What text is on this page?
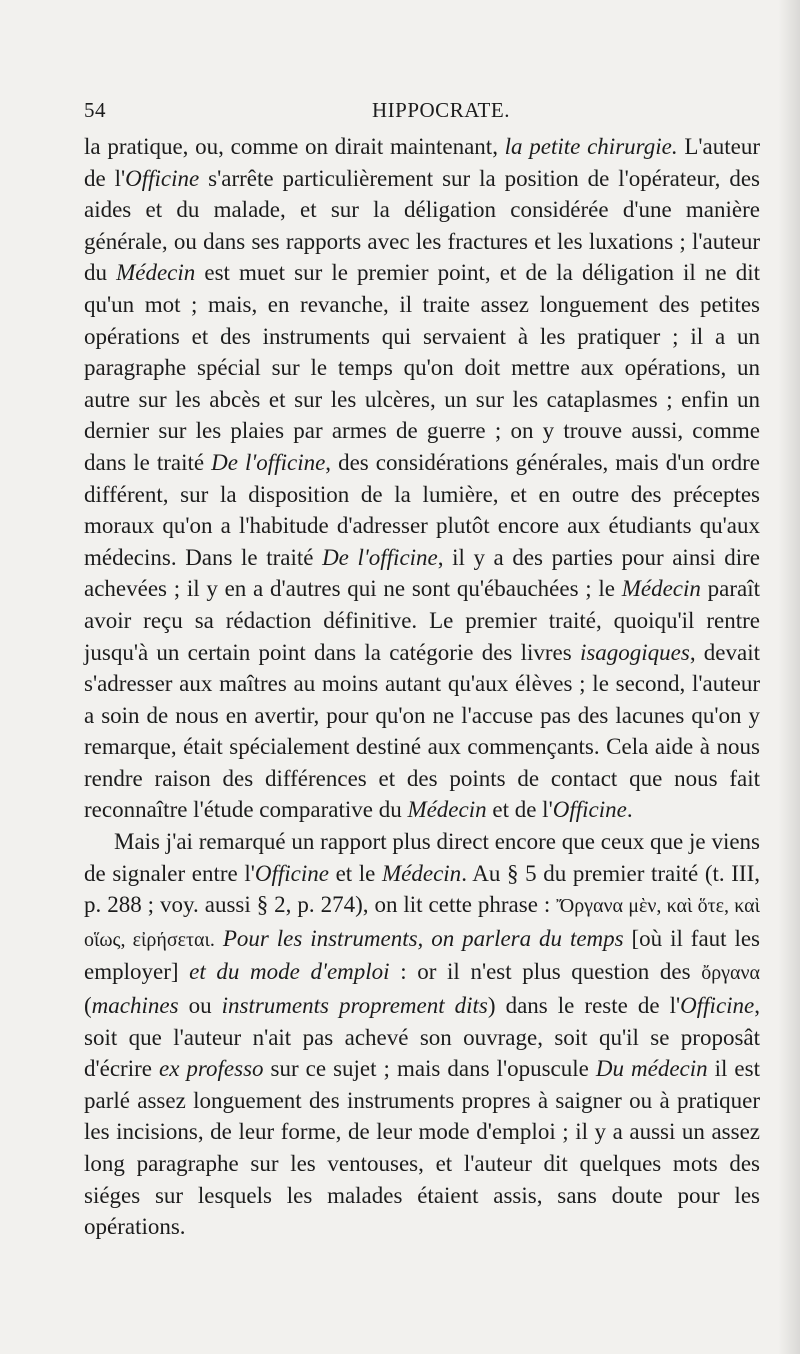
54	HIPPOCRATE.

la pratique, ou, comme on dirait maintenant, la petite chirurgie. L'auteur de l'Officine s'arrête particulièrement sur la position de l'opérateur, des aides et du malade, et sur la déligation considérée d'une manière générale, ou dans ses rapports avec les fractures et les luxations ; l'auteur du Médecin est muet sur le premier point, et de la déligation il ne dit qu'un mot ; mais, en revanche, il traite assez longuement des petites opérations et des instruments qui servaient à les pratiquer ; il a un paragraphe spécial sur le temps qu'on doit mettre aux opérations, un autre sur les abcès et sur les ulcères, un sur les cataplasmes ; enfin un dernier sur les plaies par armes de guerre ; on y trouve aussi, comme dans le traité De l'officine, des considérations générales, mais d'un ordre différent, sur la disposition de la lumière, et en outre des préceptes moraux qu'on a l'habitude d'adresser plutôt encore aux étudiants qu'aux médecins. Dans le traité De l'officine, il y a des parties pour ainsi dire achevées ; il y en a d'autres qui ne sont qu'ébauchées ; le Médecin paraît avoir reçu sa rédaction définitive. Le premier traité, quoiqu'il rentre jusqu'à un certain point dans la catégorie des livres isagogiques, devait s'adresser aux maîtres au moins autant qu'aux élèves ; le second, l'auteur a soin de nous en avertir, pour qu'on ne l'accuse pas des lacunes qu'on y remarque, était spécialement destiné aux commençants. Cela aide à nous rendre raison des différences et des points de contact que nous fait reconnaître l'étude comparative du Médecin et de l'Officine.

Mais j'ai remarqué un rapport plus direct encore que ceux que je viens de signaler entre l'Officine et le Médecin. Au § 5 du premier traité (t. III, p. 288 ; voy. aussi § 2, p. 274), on lit cette phrase : Ὄργανα μὲν, καὶ ὅτε, καὶ οἵως, εἰρήσεται. Pour les instruments, on parlera du temps [où il faut les employer] et du mode d'emploi : or il n'est plus question des ὄργανα (machines ou instruments proprement dits) dans le reste de l'Officine, soit que l'auteur n'ait pas achevé son ouvrage, soit qu'il se proposât d'écrire ex professo sur ce sujet ; mais dans l'opuscule Du médecin il est parlé assez longuement des instruments propres à saigner ou à pratiquer les incisions, de leur forme, de leur mode d'emploi ; il y a aussi un assez long paragraphe sur les ventouses, et l'auteur dit quelques mots des siéges sur lesquels les malades étaient assis, sans doute pour les opérations.
